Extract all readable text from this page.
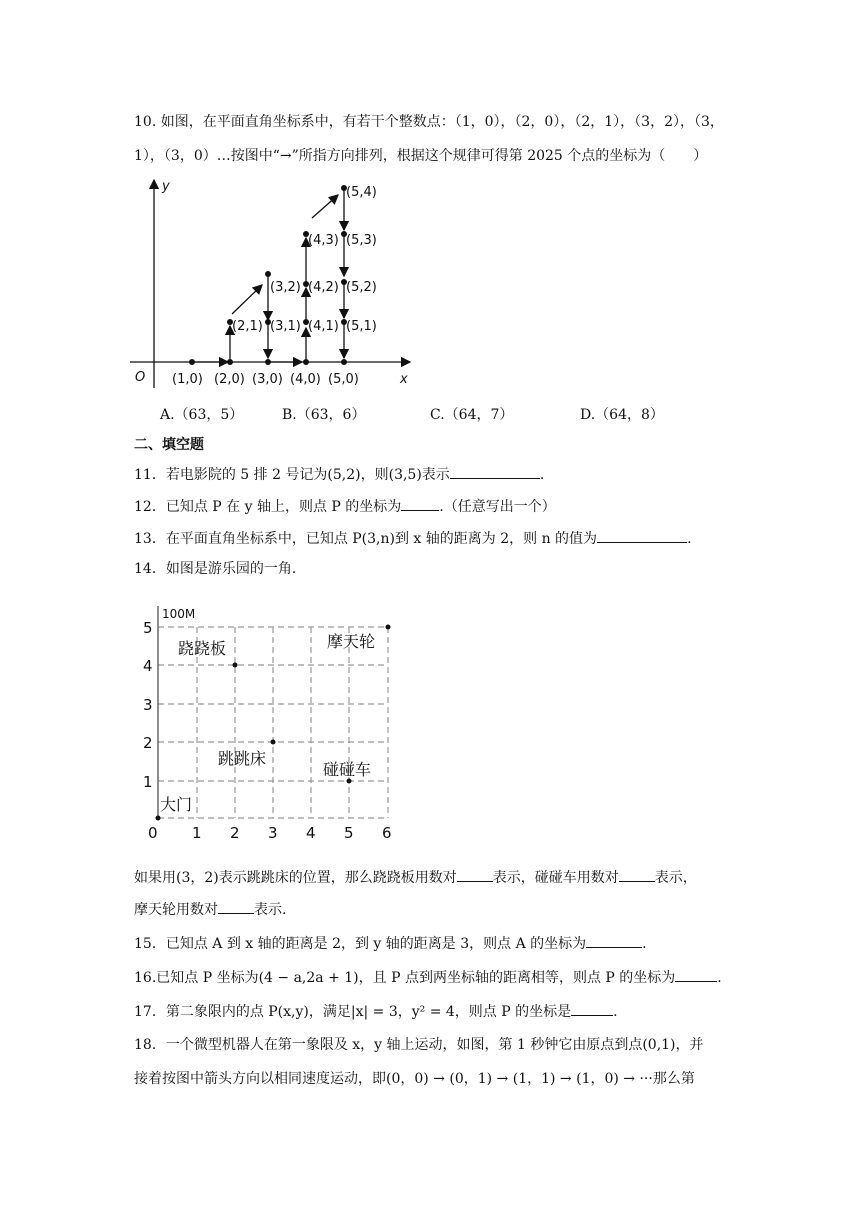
10. 如图，在平面直角坐标系中，有若干个整数点：（1，0），（2，0），（2，1），（3，2），（3，
1），（3，0）…按图中“→”所指方向排列，根据这个规律可得第 2025 个点的坐标为（　　）
y
x
O (1,0) (2,0)
(2,1)
(3,2)
(3,1)
(3,0) (4,0)
(4,1)
(4,2)
(4,3)
(5,4)
(5,3)
(5,2)
(5,1)
(5,0)
A.（63，5）	B.（63，6）	C.（64，7）	D.（64，8）
二、填空题
11．若电影院的 5 排 2 号记为(5,2)，则(3,5)表示	.
12．已知点 P 在 y 轴上，则点 P 的坐标为	.（任意写出一个）
13．在平面直角坐标系中，已知点 P(3,n)到 x 轴的距离为 2，则 n 的值为	.
14．如图是游乐园的一角．
100M
0 1 2 3 4 5 6
1
2
3
4
5
跷跷板	摩天轮
跳跳床
碰碰车
大门
如果用(3，2)表示跳跳床的位置，那么跷跷板用数对	表示，碰碰车用数对	表示，
摩天轮用数对	表示.
15．已知点 A 到 x 轴的距离是 2，到 y 轴的距离是 3，则点 A 的坐标为	.
16.已知点 P 坐标为(4 − a,2a + 1)，且 P 点到两坐标轴的距离相等，则点 P 的坐标为	.
17．第二象限内的点 P(x,y)，满足|x| = 3，y² = 4，则点 P 的坐标是	.
18．一个微型机器人在第一象限及 x，y 轴上运动，如图，第 1 秒钟它由原点到点(0,1)，并
接着按图中箭头方向以相同速度运动，即(0，0) → (0，1) → (1，1) → (1，0) → ···那么第
